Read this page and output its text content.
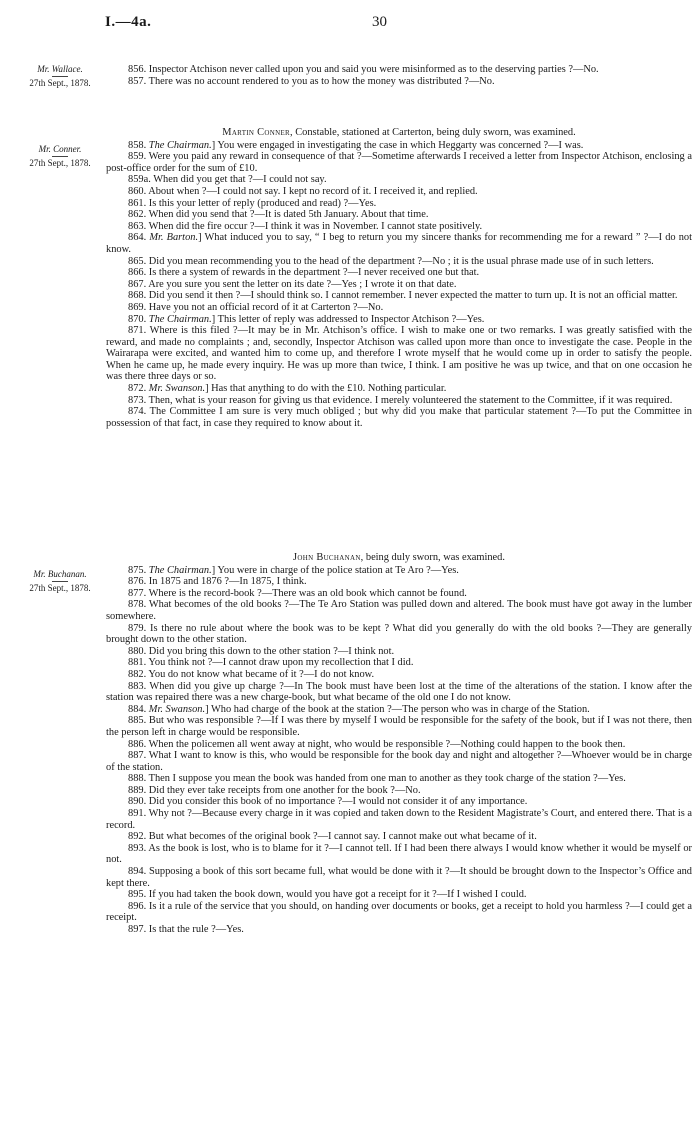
I.—4a.	30
Mr. Wallace.
27th Sept., 1878.
Mr. Conner.
27th Sept., 1878.
Mr. Buchanan.
27th Sept., 1878.

856. Inspector Atchison never called upon you and said you were misinformed as to the deserving parties ?—No.

857. There was no account rendered to you as to how the money was distributed ?—No.

Martin Conner, Constable, stationed at Carterton, being duly sworn, was examined.

858. The Chairman.] You were engaged in investigating the case in which Heggarty was concerned ?—I was.

859. Were you paid any reward in consequence of that ?—Sometime afterwards I received a letter from Inspector Atchison, enclosing a post-office order for the sum of £10.

859a. When did you get that ?—I could not say.

860. About when ?—I could not say. I kept no record of it. I received it, and replied.

861. Is this your letter of reply (produced and read) ?—Yes.

862. When did you send that ?—It is dated 5th January. About that time.

863. When did the fire occur ?—I think it was in November. I cannot state positively.

864. Mr. Barton.] What induced you to say, “ I beg to return you my sincere thanks for recommending me for a reward ” ?—I do not know.

865. Did you mean recommending you to the head of the department ?—No ; it is the usual phrase made use of in such letters.

866. Is there a system of rewards in the department ?—I never received one but that.

867. Are you sure you sent the letter on its date ?—Yes ; I wrote it on that date.

868. Did you send it then ?—I should think so. I cannot remember. I never expected the matter to turn up. It is not an official matter.

869. Have you not an official record of it at Carterton ?—No.

870. The Chairman.] This letter of reply was addressed to Inspector Atchison ?—Yes.

871. Where is this filed ?—It may be in Mr. Atchison’s office. I wish to make one or two remarks. I was greatly satisfied with the reward, and made no complaints ; and, secondly, Inspector Atchison was called upon more than once to investigate the case. People in the Wairarapa were excited, and wanted him to come up, and therefore I wrote myself that he would come up in order to satisfy the people. When he came up, he made every inquiry. He was up more than twice, I think. I am positive he was up twice, and that on one occasion he was there three days or so.

872. Mr. Swanson.] Has that anything to do with the £10. Nothing particular.

873. Then, what is your reason for giving us that evidence. I merely volunteered the statement to the Committee, if it was required.

874. The Committee I am sure is very much obliged ; but why did you make that particular statement ?—To put the Committee in possession of that fact, in case they required to know about it.

John Buchanan, being duly sworn, was examined.

875. The Chairman.] You were in charge of the police station at Te Aro ?—Yes.

876. In 1875 and 1876 ?—In 1875, I think.

877. Where is the record-book ?—There was an old book which cannot be found.

878. What becomes of the old books ?—The Te Aro Station was pulled down and altered. The book must have got away in the lumber somewhere.

879. Is there no rule about where the book was to be kept ? What did you generally do with the old books ?—They are generally brought down to the other station.

880. Did you bring this down to the other station ?—I think not.

881. You think not ?—I cannot draw upon my recollection that I did.

882. You do not know what became of it ?—I do not know.

883. When did you give up charge ?—In The book must have been lost at the time of the alterations of the station. I know after the station was repaired there was a new charge-book, but what became of the old one I do not know.

884. Mr. Swanson.] Who had charge of the book at the station ?—The person who was in charge of the Station.

885. But who was responsible ?—If I was there by myself I would be responsible for the safety of the book, but if I was not there, then the person left in charge would be responsible.

886. When the policemen all went away at night, who would be responsible ?—Nothing could happen to the book then.

887. What I want to know is this, who would be responsible for the book day and night and altogether ?—Whoever would be in charge of the station.

888. Then I suppose you mean the book was handed from one man to another as they took charge of the station ?—Yes.

889. Did they ever take receipts from one another for the book ?—No.

890. Did you consider this book of no importance ?—I would not consider it of any importance.

891. Why not ?—Because every charge in it was copied and taken down to the Resident Magistrate’s Court, and entered there. That is a record.

892. But what becomes of the original book ?—I cannot say. I cannot make out what became of it.

893. As the book is lost, who is to blame for it ?—I cannot tell. If I had been there always I would know whether it would be myself or not.

894. Supposing a book of this sort became full, what would be done with it ?—It should be brought down to the Inspector’s Office and kept there.

895. If you had taken the book down, would you have got a receipt for it ?—If I wished I could.

896. Is it a rule of the service that you should, on handing over documents or books, get a receipt to hold you harmless ?—I could get a receipt.

897. Is that the rule ?—Yes.
